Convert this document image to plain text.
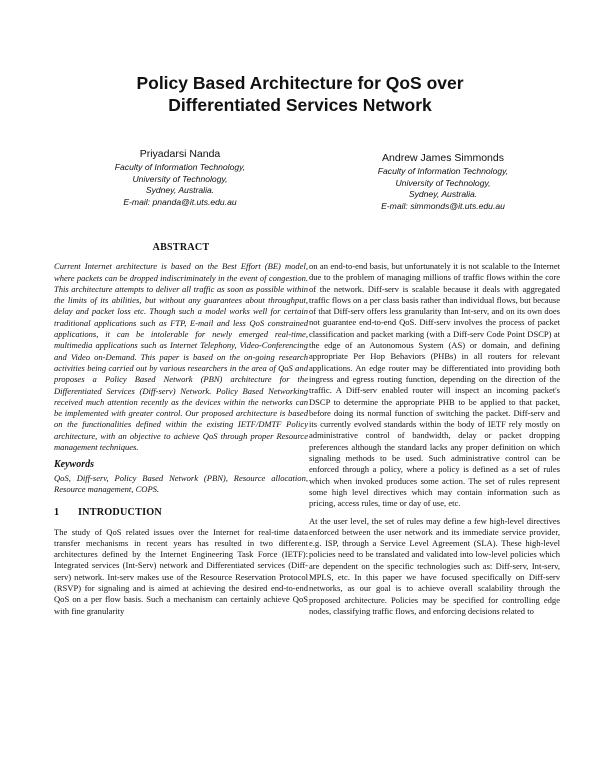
Policy Based Architecture for QoS over
Differentiated Services Network
Priyadarsi Nanda
Faculty of Information Technology,
University of Technology,
Sydney, Australia.
E-mail: pnanda@it.uts.edu.au
Andrew James Simmonds
Faculty of Information Technology,
University of Technology,
Sydney, Australia.
E-mail: simmonds@it.uts.edu.au
ABSTRACT

Current Internet architecture is based on the Best Effort (BE) model, where packets can be dropped indiscriminately in the event of congestion. This architecture attempts to deliver all traffic as soon as possible within the limits of its abilities, but without any guarantees about throughput, delay and packet loss etc. Though such a model works well for certain traditional applications such as FTP, E-mail and less QoS constrained applications, it can be intolerable for newly emerged real-time, multimedia applications such as Internet Telephony, Video-Conferencing and Video on-Demand. This paper is based on the on-going research activities being carried out by various researchers in the area of QoS and proposes a Policy Based Network (PBN) architecture for the Differentiated Services (Diff-serv) Network. Policy Based Networking received much attention recently as the devices within the networks can be implemented with greater control. Our proposed architecture is based on the functionalities defined within the existing IETF/DMTF Policy architecture, with an objective to achieve QoS through proper Resource management techniques.

Keywords

QoS, Diff-serv, Policy Based Network (PBN), Resource allocation, Resource management, COPS.

1 INTRODUCTION

The study of QoS related issues over the Internet for real-time data transfer mechanisms in recent years has resulted in two different architectures defined by the Internet Engineering Task Force (IETF): Integrated services (Int-Serv) network and Differentiated services (Diff-serv) network. Int-serv makes use of the Resource Reservation Protocol (RSVP) for signaling and is aimed at achieving the desired end-to-end QoS on a per flow basis. Such a mechanism can certainly achieve QoS with fine granularity

on an end-to-end basis, but unfortunately it is not scalable to the Internet due to the problem of managing millions of traffic flows within the core of the network. Diff-serv is scalable because it deals with aggregated traffic flows on a per class basis rather than individual flows, but because of that Diff-serv offers less granularity than Int-serv, and on its own does not guarantee end-to-end QoS. Diff-serv involves the process of packet classification and packet marking (with a Diff-serv Code Point DSCP) at the edge of an Autonomous System (AS) or domain, and defining appropriate Per Hop Behaviors (PHBs) in all routers for relevant applications. An edge router may be differentiated into providing both ingress and egress routing function, depending on the direction of the traffic. A Diff-serv enabled router will inspect an incoming packet's DSCP to determine the appropriate PHB to be applied to that packet, before doing its normal function of switching the packet. Diff-serv and its currently evolved standards within the body of IETF rely mostly on administrative control of bandwidth, delay or packet dropping preferences although the standard lacks any proper definition on which signaling methods to be used. Such administrative control can be enforced through a policy, where a policy is defined as a set of rules which when invoked produces some action. The set of rules represent some high level directives which may contain information such as pricing, access rules, time or day of use, etc.

At the user level, the set of rules may define a few high-level directives enforced between the user network and its immediate service provider, e.g. ISP, through a Service Level Agreement (SLA). These high-level policies need to be translated and validated into low-level policies which are dependent on the specific technologies such as: Diff-serv, Int-serv, MPLS, etc. In this paper we have focused specifically on Diff-serv networks, as our goal is to achieve overall scalability through the proposed architecture. Policies may be specified for controlling edge nodes, classifying traffic flows, and enforcing decisions related to
